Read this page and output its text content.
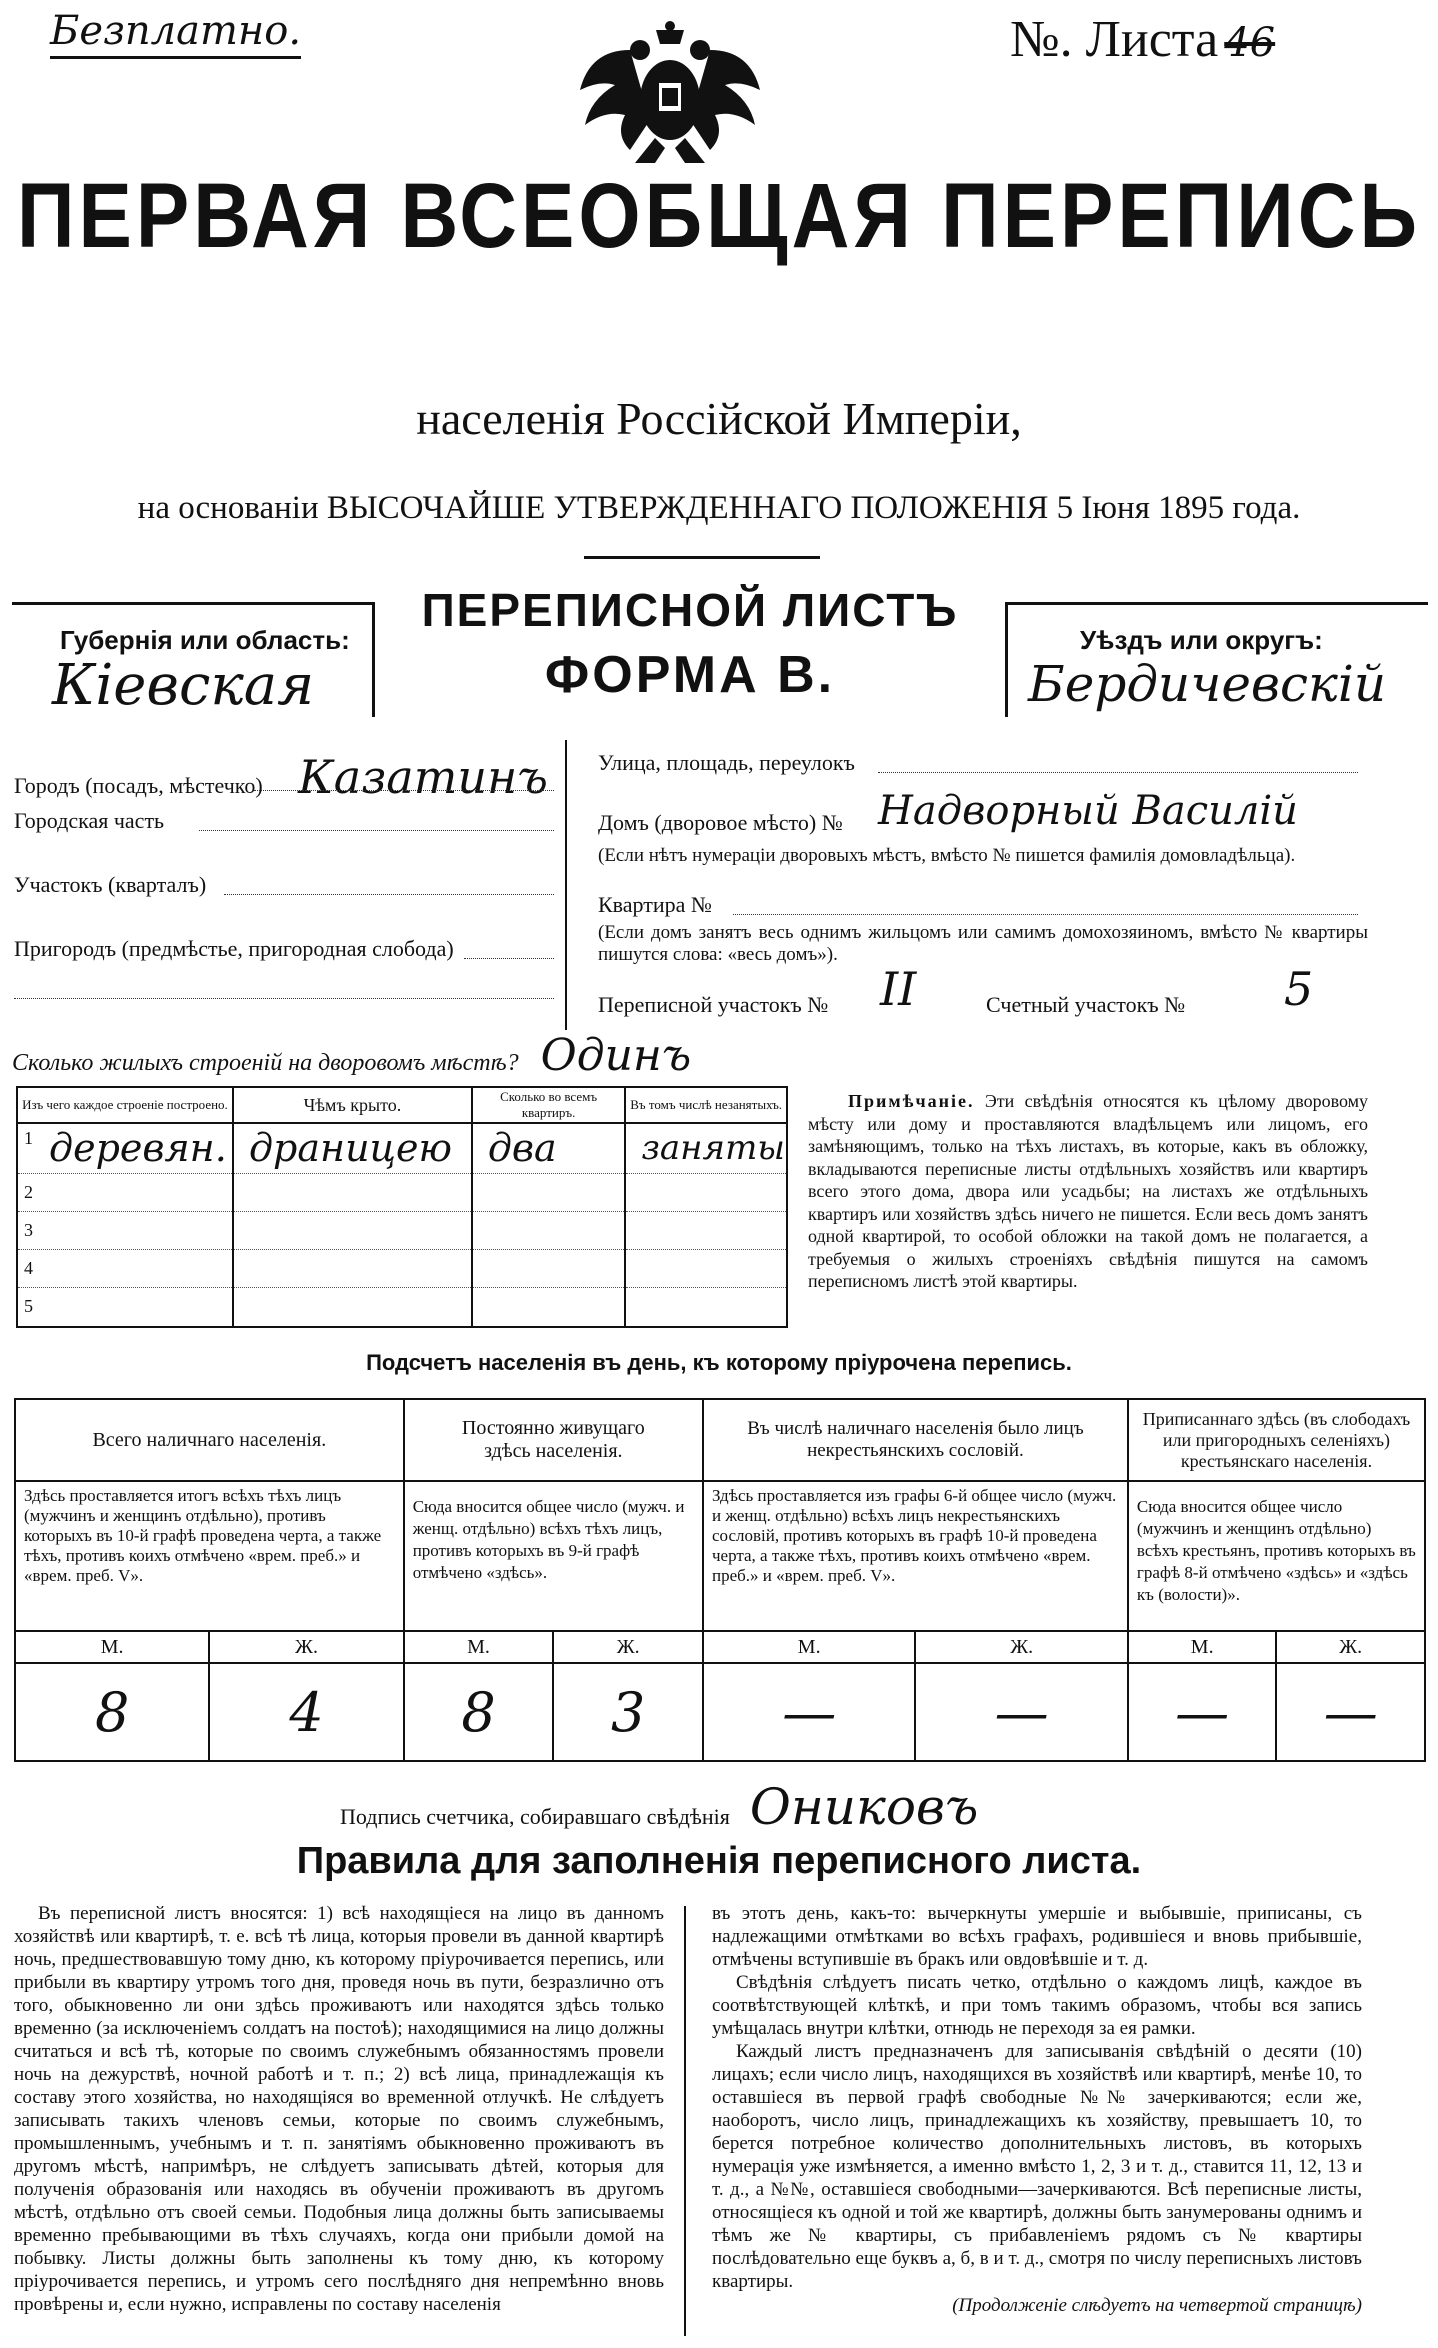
Безплатно.	№. Листа 46
ПЕРВАЯ ВСЕОБЩАЯ ПЕРЕПИСЬ
населенія Россійской Имперіи,
на основаніи ВЫСОЧАЙШЕ УТВЕРЖДЕННАГО ПОЛОЖЕНІЯ 5 Іюня 1895 года.
Губернія или область:
Кіевская
ПЕРЕПИСНОЙ ЛИСТЪ
ФОРМА В.
Уѣздъ или округъ:
Бердичевскій
Городъ (посадъ, мѣстечко) Казатинъ
Городская часть
Участокъ (кварталъ)
Пригородъ (предмѣстье, пригородная слобода)
Улица, площадь, переулокъ
Домъ (дворовое мѣсто) № Надворный Василій
(Если нѣтъ нумераціи дворовыхъ мѣстъ, вмѣсто № пишется фамилія домовладѣльца).
Квартира №
(Если домъ занятъ весь однимъ жильцомъ или самимъ домохозяиномъ, вмѣсто № квартиры пишутся слова: «весь домъ»).
Переписной участокъ № II	Счетный участокъ № 5
Сколько жилыхъ строеній на дворовомъ мѣстѣ? Одинъ
Изъ чего каждое строеніе построено.	Чѣмъ крыто.	Сколько во всемъ квартиръ.	Въ томъ числѣ незанятыхъ.

1 деревян.	драницею	два	заняты
2			
3			
4			
5			

Примѣчаніе. Эти свѣдѣнія относятся къ цѣлому дворовому мѣсту или дому и проставляются владѣльцемъ или лицомъ, его замѣняющимъ, только на тѣхъ листахъ, въ которые, какъ въ обложку, вкладываются переписные листы отдѣльныхъ хозяйствъ или квартиръ всего этого дома, двора или усадьбы; на листахъ же отдѣльныхъ квартиръ или хозяйствъ здѣсь ничего не пишется. Если весь домъ занятъ одной квартирой, то особой обложки на такой домъ не полагается, а требуемыя о жилыхъ строеніяхъ свѣдѣнія пишутся на самомъ переписномъ листѣ этой квартиры.

Подсчетъ населенія въ день, къ которому пріурочена перепись.
Всего наличнаго населенія.		Постоянно живущаго здѣсь населенія.		Въ числѣ наличнаго населенія было лицъ некрестьянскихъ сословій.		Приписаннаго здѣсь (въ слободахъ или пригородныхъ селеніяхъ) крестьянскаго населенія.	
Здѣсь проставляется итогъ всѣхъ тѣхъ лицъ (мужчинъ и женщинъ отдѣльно), противъ которыхъ въ 10-й графѣ проведена черта, а также тѣхъ, противъ коихъ отмѣчено «врем. преб.» и «врем. преб. V».		Сюда вносится общее число (мужч. и женщ. отдѣльно) всѣхъ тѣхъ лицъ, противъ которыхъ въ 9-й графѣ отмѣчено «здѣсь».		Здѣсь проставляется изъ графы 6-й общее число (мужч. и женщ. отдѣльно) всѣхъ лицъ некрестьянскихъ сословій, противъ которыхъ въ графѣ 10-й проведена черта, а также тѣхъ, противъ коихъ отмѣчено «врем. преб.» и «врем. преб. V».		Сюда вносится общее число (мужчинъ и женщинъ отдѣльно) всѣхъ крестьянъ, противъ которыхъ въ графѣ 8-й отмѣчено «здѣсь» и «здѣсь къ (волости)».	
М.	Ж.	М.	Ж.	М.	Ж.	М.	Ж.
8	4	8	3	—	—	—	—
Подпись счетчика, собиравшаго свѣдѣнія Ониковъ
Правила для заполненія переписного листа.

Въ переписной листъ вносятся: 1) всѣ находящіеся на лицо въ данномъ хозяйствѣ или квартирѣ, т. е. всѣ тѣ лица, которыя провели въ данной квартирѣ ночь, предшествовавшую тому дню, къ которому пріурочивается перепись, или прибыли въ квартиру утромъ того дня, проведя ночь въ пути, безразлично отъ того, обыкновенно ли они здѣсь проживаютъ или находятся здѣсь только временно (за исключеніемъ солдатъ на постоѣ); находящимися на лицо должны считаться и всѣ тѣ, которые по своимъ служебнымъ обязанностямъ провели ночь на дежурствѣ, ночной работѣ и т. п.; 2) всѣ лица, принадлежащія къ составу этого хозяйства, но находящіяся во временной отлучкѣ. Не слѣдуетъ записывать такихъ членовъ семьи, которые по своимъ служебнымъ, промышленнымъ, учебнымъ и т. п. занятіямъ обыкновенно проживаютъ въ другомъ мѣстѣ, напримѣръ, не слѣдуетъ записывать дѣтей, которыя для полученія образованія или находясь въ обученіи проживаютъ въ другомъ мѣстѣ, отдѣльно отъ своей семьи. Подобныя лица должны быть записываемы временно пребывающими въ тѣхъ случаяхъ, когда они прибыли домой на побывку. Листы должны быть заполнены къ тому дню, къ которому пріурочивается перепись, и утромъ сего послѣдняго дня непремѣнно вновь провѣрены и, если нужно, исправлены по составу населенія

въ этотъ день, какъ-то: вычеркнуты умершіе и выбывшіе, приписаны, съ надлежащими отмѣтками во всѣхъ графахъ, родившіеся и вновь прибывшіе, отмѣчены вступившіе въ бракъ или овдовѣвшіе и т. д.

Свѣдѣнія слѣдуетъ писать четко, отдѣльно о каждомъ лицѣ, каждое въ соотвѣтствующей клѣткѣ, и при томъ такимъ образомъ, чтобы вся запись умѣщалась внутри клѣтки, отнюдь не переходя за ея рамки.

Каждый листъ предназначенъ для записыванія свѣдѣній о десяти (10) лицахъ; если число лицъ, находящихся въ хозяйствѣ или квартирѣ, менѣе 10, то оставшіеся въ первой графѣ свободные №№ зачеркиваются; если же, наоборотъ, число лицъ, принадлежащихъ къ хозяйству, превышаетъ 10, то берется потребное количество дополнительныхъ листовъ, въ которыхъ нумерація уже измѣняется, а именно вмѣсто 1, 2, 3 и т. д., ставится 11, 12, 13 и т. д., а №№, оставшіеся свободными—зачеркиваются. Всѣ переписные листы, относящіеся къ одной и той же квартирѣ, должны быть занумерованы однимъ и тѣмъ же № квартиры, съ прибавленіемъ рядомъ съ № квартиры послѣдовательно еще буквъ а, б, в и т. д., смотря по числу переписныхъ листовъ квартиры.

(Продолженіе слѣдуетъ на четвертой страницѣ)
